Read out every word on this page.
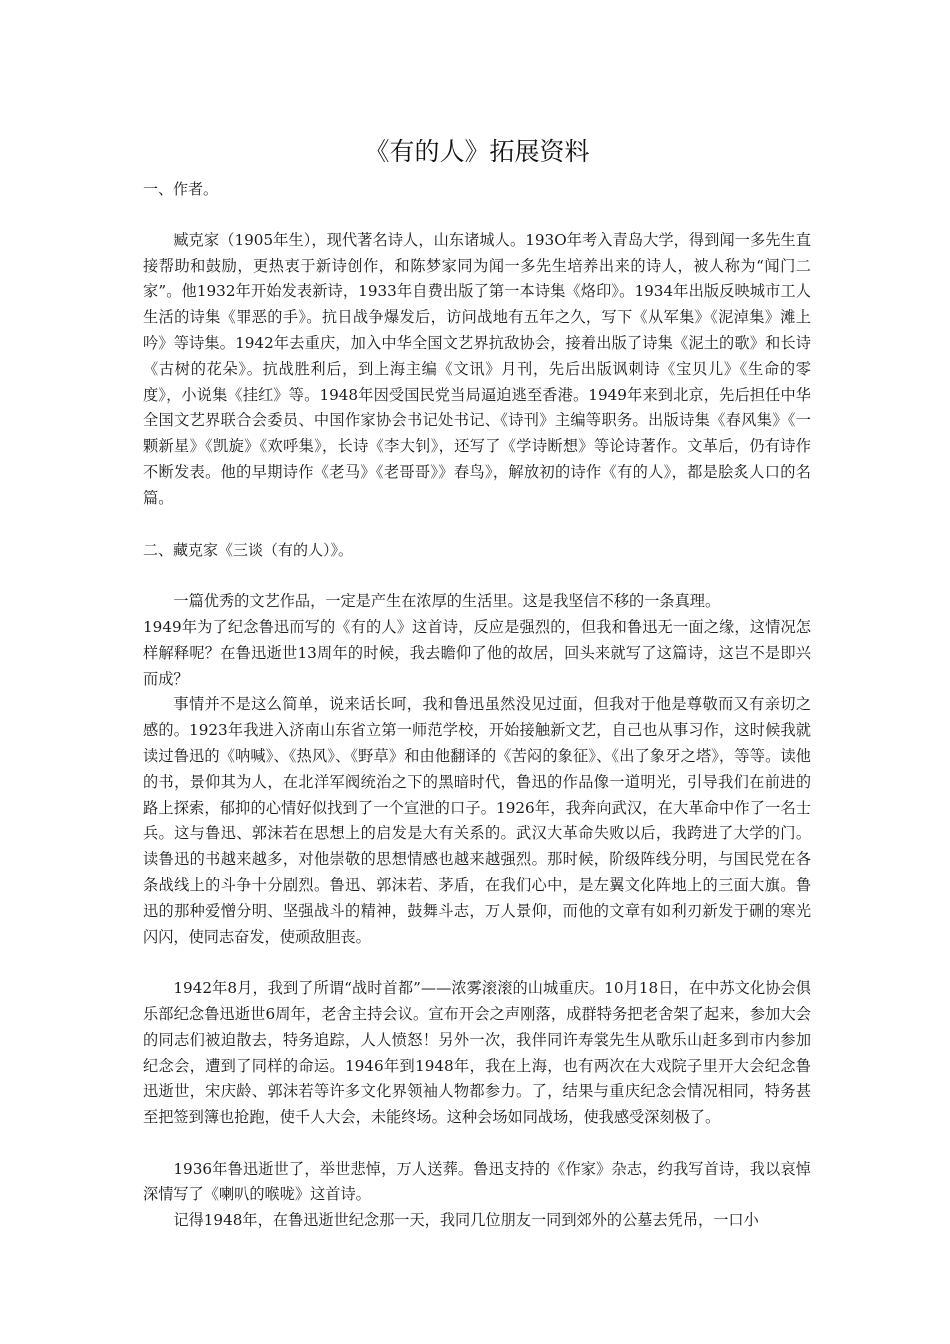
《有的人》拓展资料

一、作者。

臧克家（1905年生），现代著名诗人，山东诸城人。193O年考入青岛大学，得到闻一多先生直接帮助和鼓励，更热衷于新诗创作，和陈梦家同为闻一多先生培养出来的诗人，被人称为“闻门二家”。他1932年开始发表新诗，1933年自费出版了第一本诗集《烙印》。1934年出版反映城市工人生活的诗集《罪恶的手》。抗日战争爆发后，访问战地有五年之久，写下《从军集》《泥淖集》滩上吟》等诗集。1942年去重庆，加入中华全国文艺界抗敌协会，接着出版了诗集《泥土的歌》和长诗《古树的花朵》。抗战胜利后，到上海主编《文讯》月刊，先后出版讽刺诗《宝贝儿》《生命的零度》，小说集《挂红》等。1948年因受国民党当局逼迫逃至香港。1949年来到北京，先后担任中华全国文艺界联合会委员、中国作家协会书记处书记、《诗刊》主编等职务。出版诗集《春风集》《一颗新星》《凯旋》《欢呼集》，长诗《李大钊》，还写了《学诗断想》等论诗著作。文革后，仍有诗作不断发表。他的早期诗作《老马》《老哥哥》》春鸟》，解放初的诗作《有的人》，都是脍炙人口的名篇。

二、藏克家《三谈（有的人）》。

一篇优秀的文艺作品，一定是产生在浓厚的生活里。这是我坚信不移的一条真理。

1949年为了纪念鲁迅而写的《有的人》这首诗，反应是强烈的，但我和鲁迅无一面之缘，这情况怎样解释呢？在鲁迅逝世13周年的时候，我去瞻仰了他的故居，回头来就写了这篇诗，这岂不是即兴而成？

事情并不是这么简单，说来话长呵，我和鲁迅虽然没见过面，但我对于他是尊敬而又有亲切之感的。1923年我进入济南山东省立第一师范学校，开始接触新文艺，自己也从事习作，这时候我就读过鲁迅的《呐喊》、《热风》、《野草》和由他翻译的《苦闷的象征》、《出了象牙之塔》，等等。读他的书，景仰其为人，在北洋军阀统治之下的黑暗时代，鲁迅的作品像一道明光，引导我们在前进的路上探索，郁抑的心情好似找到了一个宣泄的口子。1926年，我奔向武汉，在大革命中作了一名士兵。这与鲁迅、郭沫若在思想上的启发是大有关系的。武汉大革命失败以后，我跨进了大学的门。读鲁迅的书越来越多，对他崇敬的思想情感也越来越强烈。那时候，阶级阵线分明，与国民党在各条战线上的斗争十分剧烈。鲁迅、郭沫若、茅盾，在我们心中，是左翼文化阵地上的三面大旗。鲁迅的那种爱憎分明、坚强战斗的精神，鼓舞斗志，万人景仰，而他的文章有如利刃新发于硎的寒光闪闪，使同志奋发，使顽敌胆丧。

1942年8月，我到了所谓“战时首都”——浓雾滚滚的山城重庆。10月18日，在中苏文化协会俱乐部纪念鲁迅逝世6周年，老舍主持会议。宣布开会之声刚落，成群特务把老舍架了起来，参加大会的同志们被迫散去，特务追踪，人人愤怒！另外一次，我伴同许寿裳先生从歌乐山赶多到市内参加纪念会，遭到了同样的命运。1946年到1948年，我在上海，也有两次在大戏院子里开大会纪念鲁迅逝世，宋庆龄、郭沫若等许多文化界领袖人物都参力。了，结果与重庆纪念会情况相同，特务甚至把签到簿也抢跑，使千人大会，未能终场。这种会场如同战场，使我感受深刻极了。

1936年鲁迅逝世了，举世悲悼，万人送葬。鲁迅支持的《作家》杂志，约我写首诗，我以哀悼深情写了《喇叭的喉咙》这首诗。

记得1948年，在鲁迅逝世纪念那一天，我同几位朋友一同到郊外的公墓去凭吊，一口小
